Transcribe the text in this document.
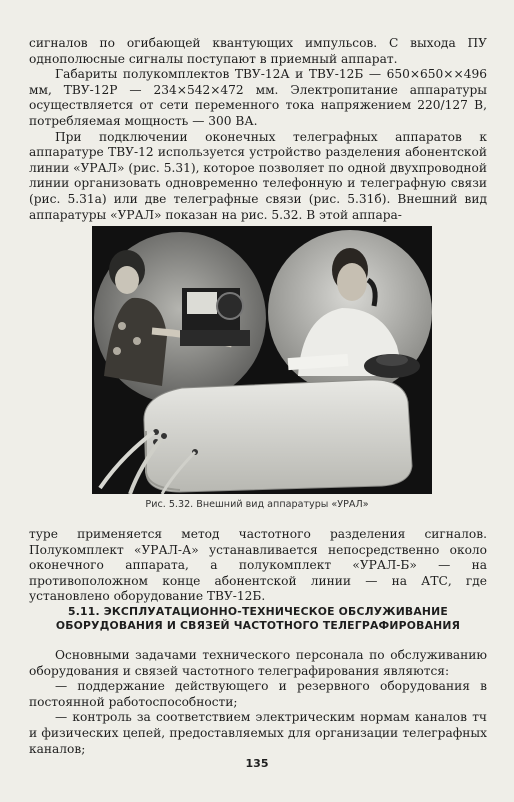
сигналов по огибающей квантующих импульсов. С выхода ПУ однополюсные сигналы поступают в приемный аппарат.

Габариты полукомплектов ТВУ-12А и ТВУ-12Б — 650×650××496 мм, ТВУ-12Р — 234×542×472 мм. Электропитание аппаратуры осуществляется от сети переменного тока напряжением 220/127 В, потребляемая мощность — 300 ВА.

При подключении оконечных телеграфных аппаратов к аппаратуре ТВУ-12 используется устройство разделения абонентской линии «УРАЛ» (рис. 5.31), которое позволяет по одной двухпроводной линии организовать одновременно телефонную и телеграфную связи (рис. 5.31а) или две телеграфные связи (рис. 5.31б). Внешний вид аппаратуры «УРАЛ» показан на рис. 5.32. В этой аппара-

Рис. 5.32. Внешний вид аппаратуры «УРАЛ»

туре применяется метод частотного разделения сигналов. Полукомплект «УРАЛ-А» устанавливается непосредственно около оконечного аппарата, а полукомплект «УРАЛ-Б» — на противоположном конце абонентской линии — на АТС, где установлено оборудование ТВУ-12Б.

5.11. ЭКСПЛУАТАЦИОННО-ТЕХНИЧЕСКОЕ ОБСЛУЖИВАНИЕ
ОБОРУДОВАНИЯ И СВЯЗЕЙ ЧАСТОТНОГО ТЕЛЕГРАФИРОВАНИЯ

Основными задачами технического персонала по обслуживанию оборудования и связей частотного телеграфирования являются:

— поддержание действующего и резервного оборудования в постоянной работоспособности;

— контроль за соответствием электрическим нормам каналов тч и физических цепей, предоставляемых для организации телеграфных каналов;

135
